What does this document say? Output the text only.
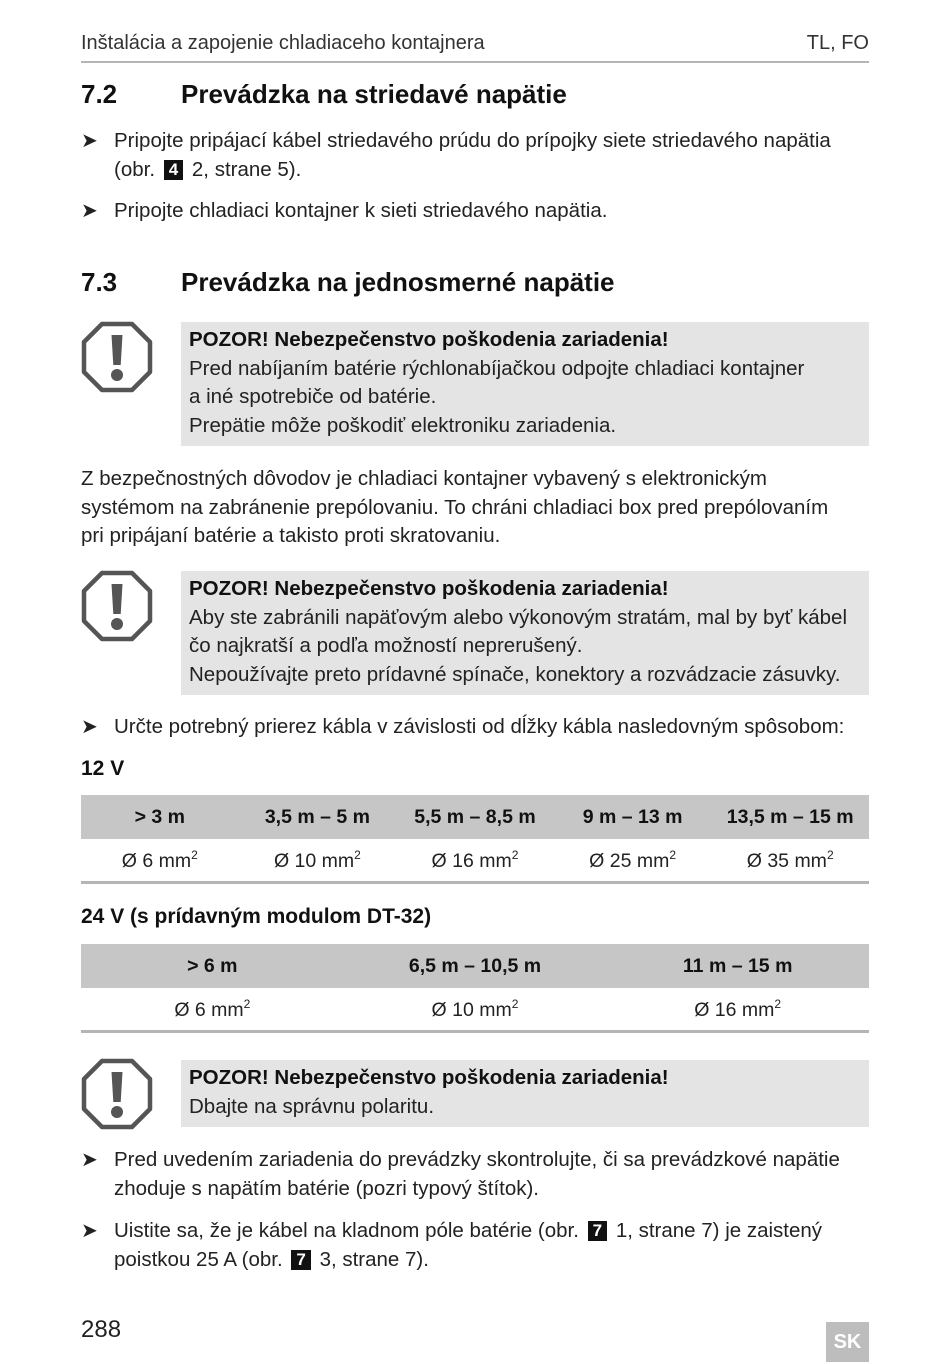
Inštalácia a zapojenie chladiaceho kontajnera	TL, FO
7.2 Prevádzka na striedavé napätie
➤ Pripojte pripájací kábel striedavého prúdu do prípojky siete striedavého napätia
(obr. 4 2, strane 5).
➤ Pripojte chladiaci kontajner k sieti striedavého napätia.
7.3 Prevádzka na jednosmerné napätie
POZOR! Nebezpečenstvo poškodenia zariadenia!
Pred nabíjaním batérie rýchlonabíjačkou odpojte chladiaci kontajner
a iné spotrebiče od batérie.
Prepätie môže poškodiť elektroniku zariadenia.
Z bezpečnostných dôvodov je chladiaci kontajner vybavený s elektronickým
systémom na zabránenie prepólovaniu. To chráni chladiaci box pred prepólovaním
pri pripájaní batérie a takisto proti skratovaniu.
POZOR! Nebezpečenstvo poškodenia zariadenia!
Aby ste zabránili napäťovým alebo výkonovým stratám, mal by byť kábel
čo najkratší a podľa možností neprerušený.
Nepoužívajte preto prídavné spínače, konektory a rozvádzacie zásuvky.
➤ Určte potrebný prierez kábla v závislosti od dĺžky kábla nasledovným spôsobom:
12 V
> 3 m	3,5 m – 5 m	5,5 m – 8,5 m	9 m – 13 m	13,5 m – 15 m
Ø 6 $mm^2$	Ø 10 $mm^2$	Ø 16 $mm^2$	Ø 25 $mm^2$	Ø 35 $mm^2$
24 V (s prídavným modulom DT-32)
> 6 m	6,5 m – 10,5 m	11 m – 15 m
Ø 6 $mm^2$	Ø 10 $mm^2$	Ø 16 $mm^2$
POZOR! Nebezpečenstvo poškodenia zariadenia!
Dbajte na správnu polaritu.
➤ Pred uvedením zariadenia do prevádzky skontrolujte, či sa prevádzkové napätie
zhoduje s napätím batérie (pozri typový štítok).
➤ Uistite sa, že je kábel na kladnom póle batérie (obr. 7 1, strane 7) je zaistený
poistkou 25 A (obr. 7 3, strane 7).
288	SK
